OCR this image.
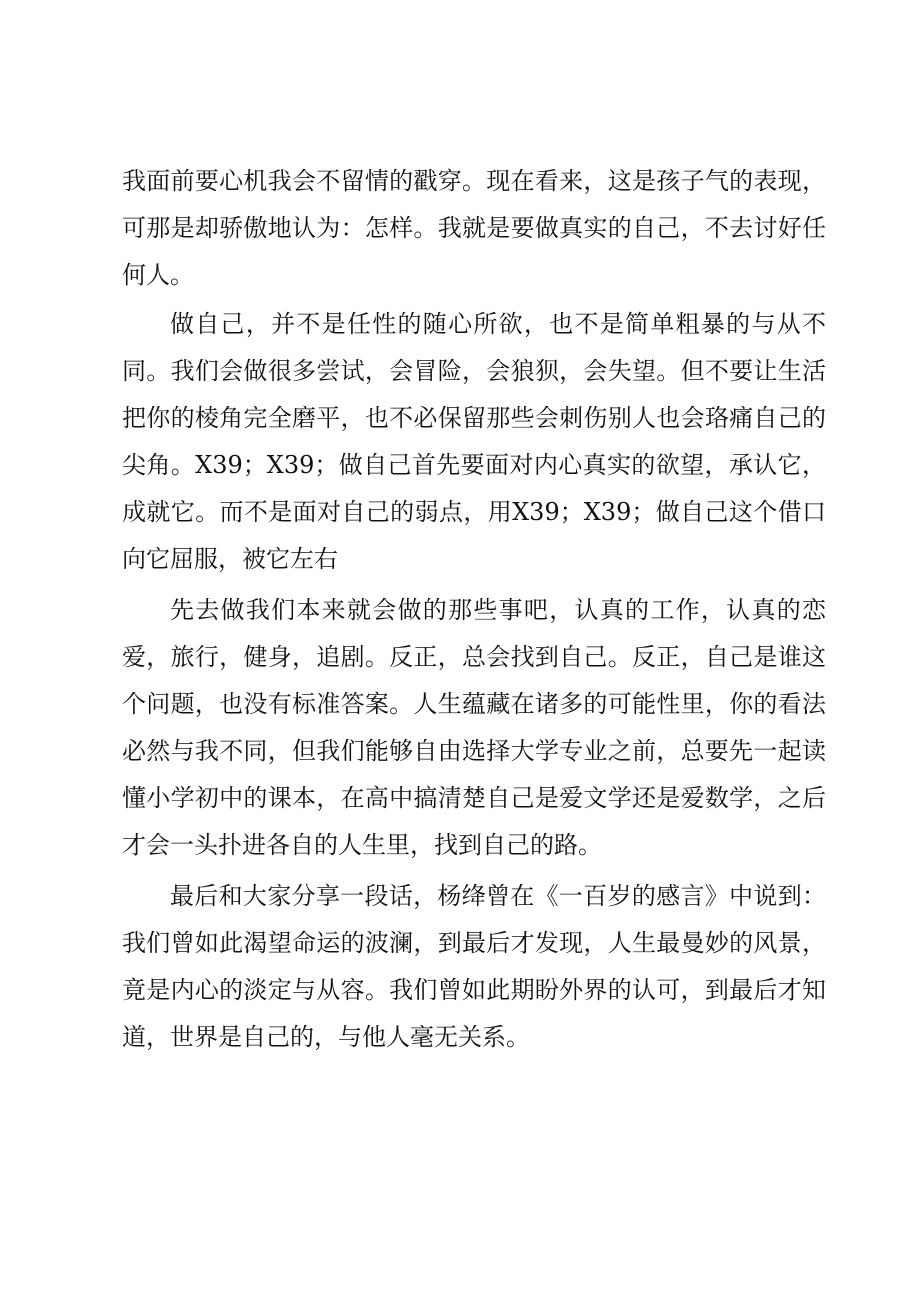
我面前要心机我会不留情的戳穿。现在看来，这是孩子气的表现，可那是却骄傲地认为：怎样。我就是要做真实的自己，不去讨好任何人。

做自己，并不是任性的随心所欲，也不是简单粗暴的与从不同。我们会做很多尝试，会冒险，会狼狈，会失望。但不要让生活把你的棱角完全磨平，也不必保留那些会刺伤别人也会珞痛自己的尖角。X39；X39；做自己首先要面对内心真实的欲望，承认它，成就它。而不是面对自己的弱点，用X39；X39；做自己这个借口向它屈服，被它左右

先去做我们本来就会做的那些事吧，认真的工作，认真的恋爱，旅行，健身，追剧。反正，总会找到自己。反正，自己是谁这个问题，也没有标准答案。人生蕴藏在诸多的可能性里，你的看法必然与我不同，但我们能够自由选择大学专业之前，总要先一起读懂小学初中的课本，在高中搞清楚自己是爱文学还是爱数学，之后才会一头扑进各自的人生里，找到自己的路。

最后和大家分享一段话，杨绛曾在《一百岁的感言》中说到：我们曾如此渴望命运的波澜，到最后才发现，人生最曼妙的风景，竟是内心的淡定与从容。我们曾如此期盼外界的认可，到最后才知道，世界是自己的，与他人毫无关系。
